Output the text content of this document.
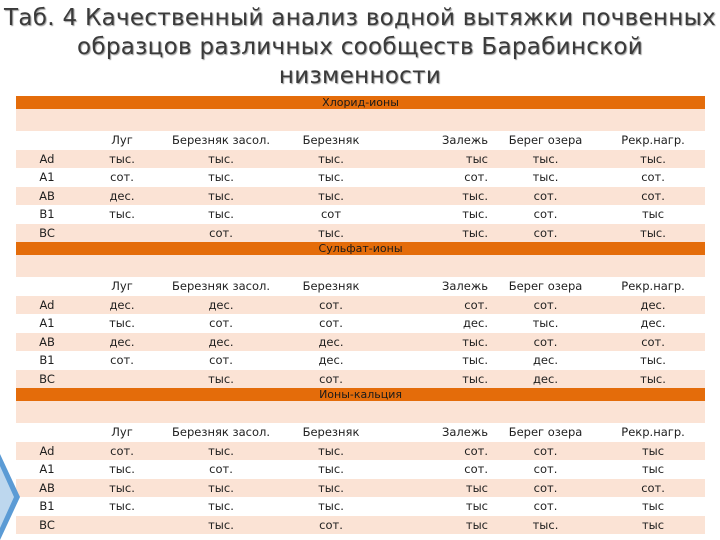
Таб. 4 Качественный анализ водной вытяжки почвенных
образцов различных сообществ Барабинской
низменности
Хлорид-ионы						

	Луг	Березняк засол.	Березняк	Залежь	Берег озера	Рекр.нагр.
Ad	тыс.	тыс.	тыс.	тыс	тыс.	тыс.
A1	сот.	тыс.	тыс.	сот.	тыс.	сот.
AB	дес.	тыс.	тыс.	тыс.	сот.	сот.
B1	тыс.	тыс.	сот	тыс.	сот.	тыс
BC		сот.	тыс.	тыс.	сот.	тыс.
Сульфат-ионы						

	Луг	Березняк засол.	Березняк	Залежь	Берег озера	Рекр.нагр.
Ad	дес.	дес.	сот.	сот.	сот.	дес.
A1	тыс.	сот.	сот.	дес.	тыс.	дес.
AB	дес.	дес.	дес.	тыс.	сот.	сот.
B1	сот.	сот.	дес.	тыс.	дес.	тыс.
BC		тыс.	сот.	тыс.	дес.	тыс.
Ионы-кальция						

	Луг	Березняк засол.	Березняк	Залежь	Берег озера	Рекр.нагр.
Ad	сот.	тыс.	тыс.	сот.	сот.	тыс
A1	тыс.	сот.	тыс.	сот.	сот.	тыс
AB	тыс.	тыс.	тыс.	тыс	сот.	сот.
B1	тыс.	тыс.	тыс.	тыс	сот.	тыс
BC		тыс.	сот.	тыс	тыс.	тыс
